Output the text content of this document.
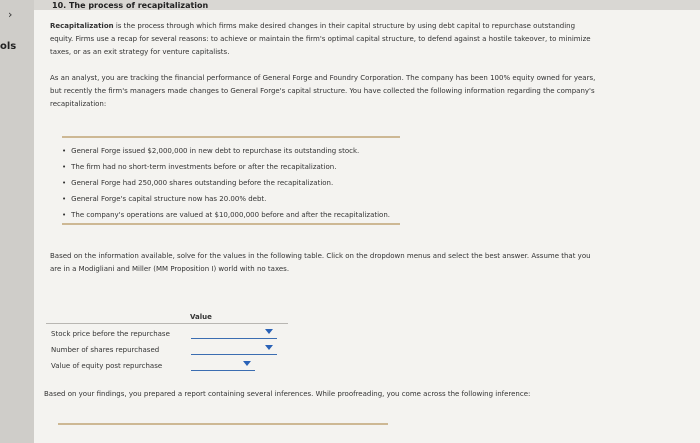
›
ols
10. The process of recapitalization
Recapitalization is the process through which firms make desired changes in their capital structure by using debt capital to repurchase outstanding equity. Firms use a recap for several reasons: to achieve or maintain the firm's optimal capital structure, to defend against a hostile takeover, to minimize taxes, or as an exit strategy for venture capitalists.
As an analyst, you are tracking the financial performance of General Forge and Foundry Corporation. The company has been 100% equity owned for years, but recently the firm's managers made changes to General Forge's capital structure. You have collected the following information regarding the company's recapitalization:
• General Forge issued $2,000,000 in new debt to repurchase its outstanding stock.
• The firm had no short-term investments before or after the recapitalization.
• General Forge had 250,000 shares outstanding before the recapitalization.
• General Forge's capital structure now has 20.00% debt.
• The company's operations are valued at $10,000,000 before and after the recapitalization.
Based on the information available, solve for the values in the following table. Click on the dropdown menus and select the best answer. Assume that you are in a Modigliani and Miller (MM Proposition I) world with no taxes.
Value
Stock price before the repurchase
Number of shares repurchased
Value of equity post repurchase
Based on your findings, you prepared a report containing several inferences. While proofreading, you come across the following inference:
